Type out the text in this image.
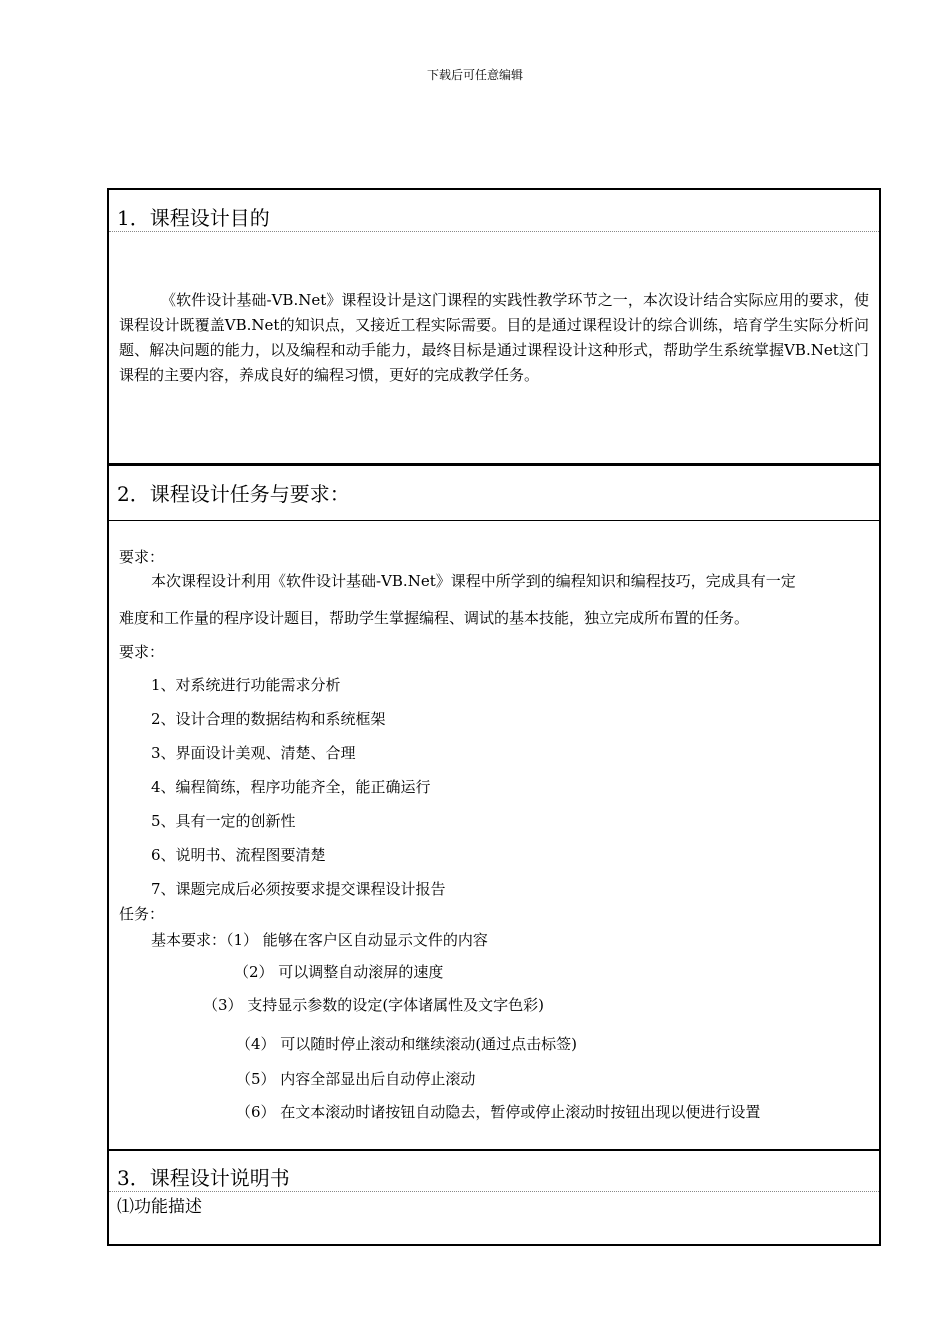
下载后可任意编辑
1．课程设计目的
《软件设计基础-VB.Net》课程设计是这门课程的实践性教学环节之一，本次设计结合实际应用的要求，使课程设计既覆盖VB.Net的知识点，又接近工程实际需要。目的是通过课程设计的综合训练，培育学生实际分析问题、解决问题的能力，以及编程和动手能力，最终目标是通过课程设计这种形式，帮助学生系统掌握VB.Net这门课程的主要内容，养成良好的编程习惯，更好的完成教学任务。
2．课程设计任务与要求：
要求：
本次课程设计利用《软件设计基础-VB.Net》课程中所学到的编程知识和编程技巧，完成具有一定
难度和工作量的程序设计题目，帮助学生掌握编程、调试的基本技能，独立完成所布置的任务。
要求：
1、对系统进行功能需求分析
2、设计合理的数据结构和系统框架
3、界面设计美观、清楚、合理
4、编程简练，程序功能齐全，能正确运行
5、具有一定的创新性
6、说明书、流程图要清楚
7、课题完成后必须按要求提交课程设计报告
任务：
基本要求：（1） 能够在客户区自动显示文件的内容
（2） 可以调整自动滚屏的速度
（3） 支持显示参数的设定(字体诸属性及文字色彩)
（4） 可以随时停止滚动和继续滚动(通过点击标签)
（5） 内容全部显出后自动停止滚动
（6） 在文本滚动时诸按钮自动隐去，暂停或停止滚动时按钮出现以便进行设置
3．课程设计说明书
⑴功能描述
